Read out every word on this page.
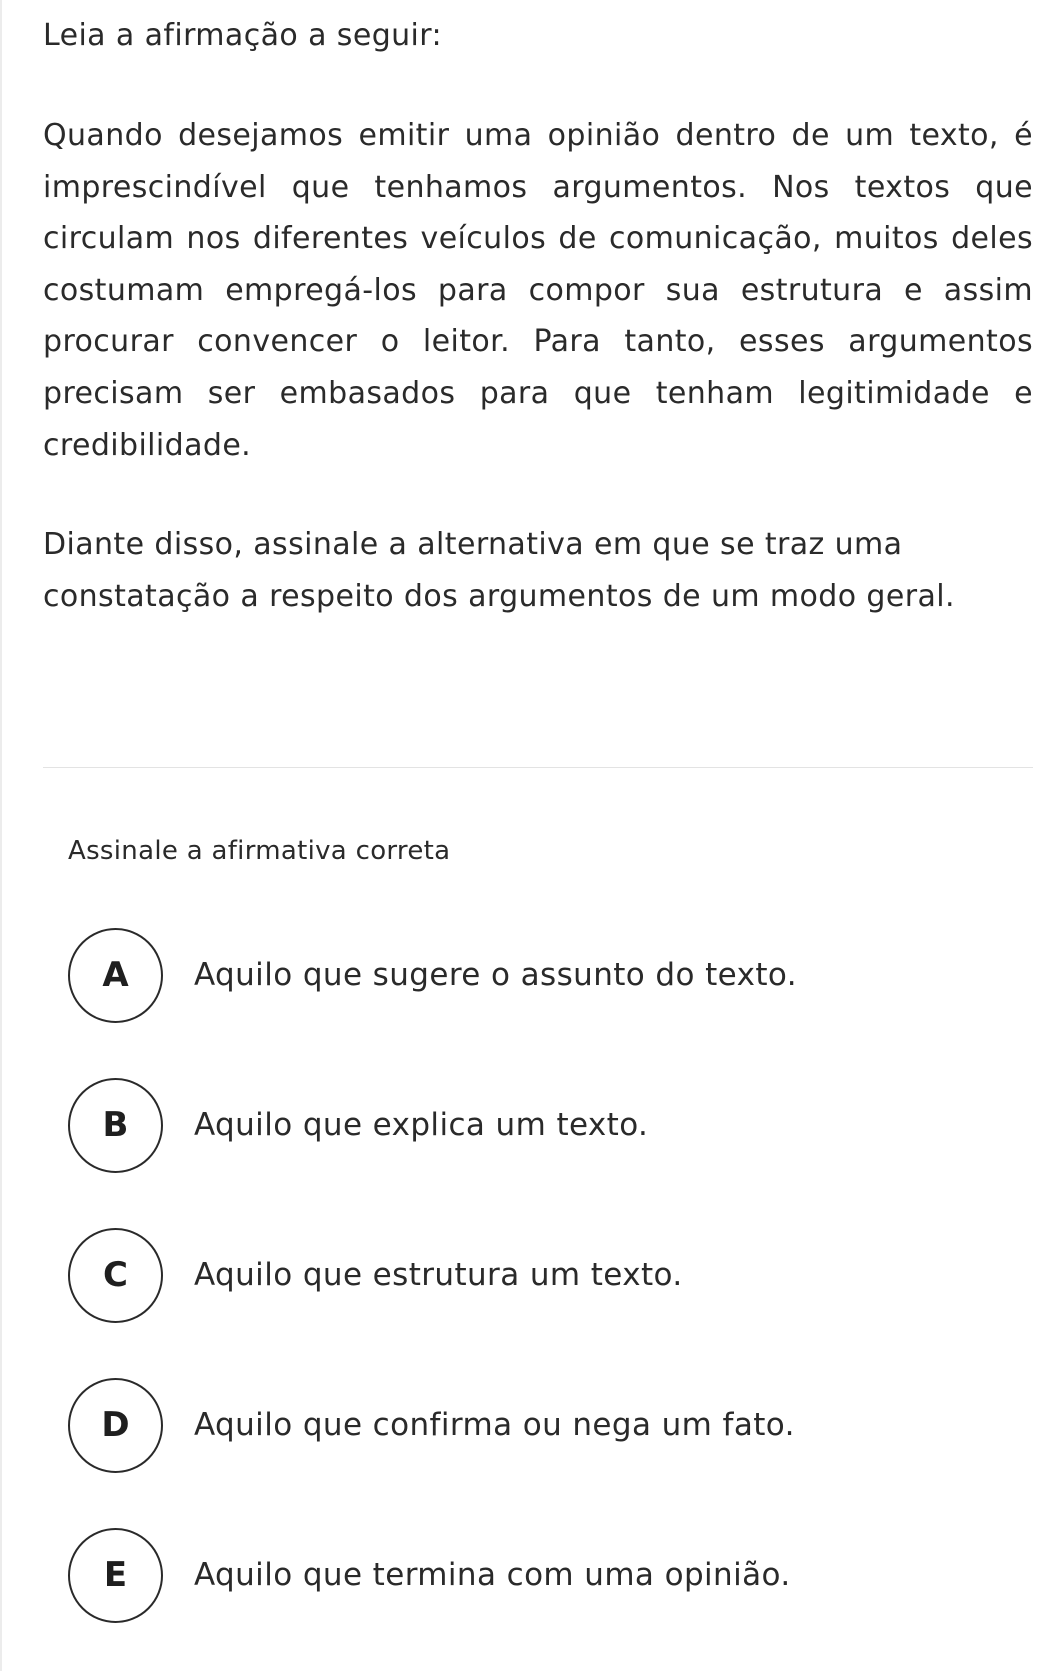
Leia a afirmação a seguir:

Quando desejamos emitir uma opinião dentro de um texto, é imprescindível que tenhamos argumentos. Nos textos que circulam nos diferentes veículos de comunicação, muitos deles costumam empregá-los para compor sua estrutura e assim procurar convencer o leitor. Para tanto, esses argumentos precisam ser embasados para que tenham legitimidade e credibilidade.

Diante disso, assinale a alternativa em que se traz uma constatação a respeito dos argumentos de um modo geral.

Assinale a afirmativa correta
A	Aquilo que sugere o assunto do texto.
B	Aquilo que explica um texto.
C	Aquilo que estrutura um texto.
D	Aquilo que confirma ou nega um fato.
E	Aquilo que termina com uma opinião.
